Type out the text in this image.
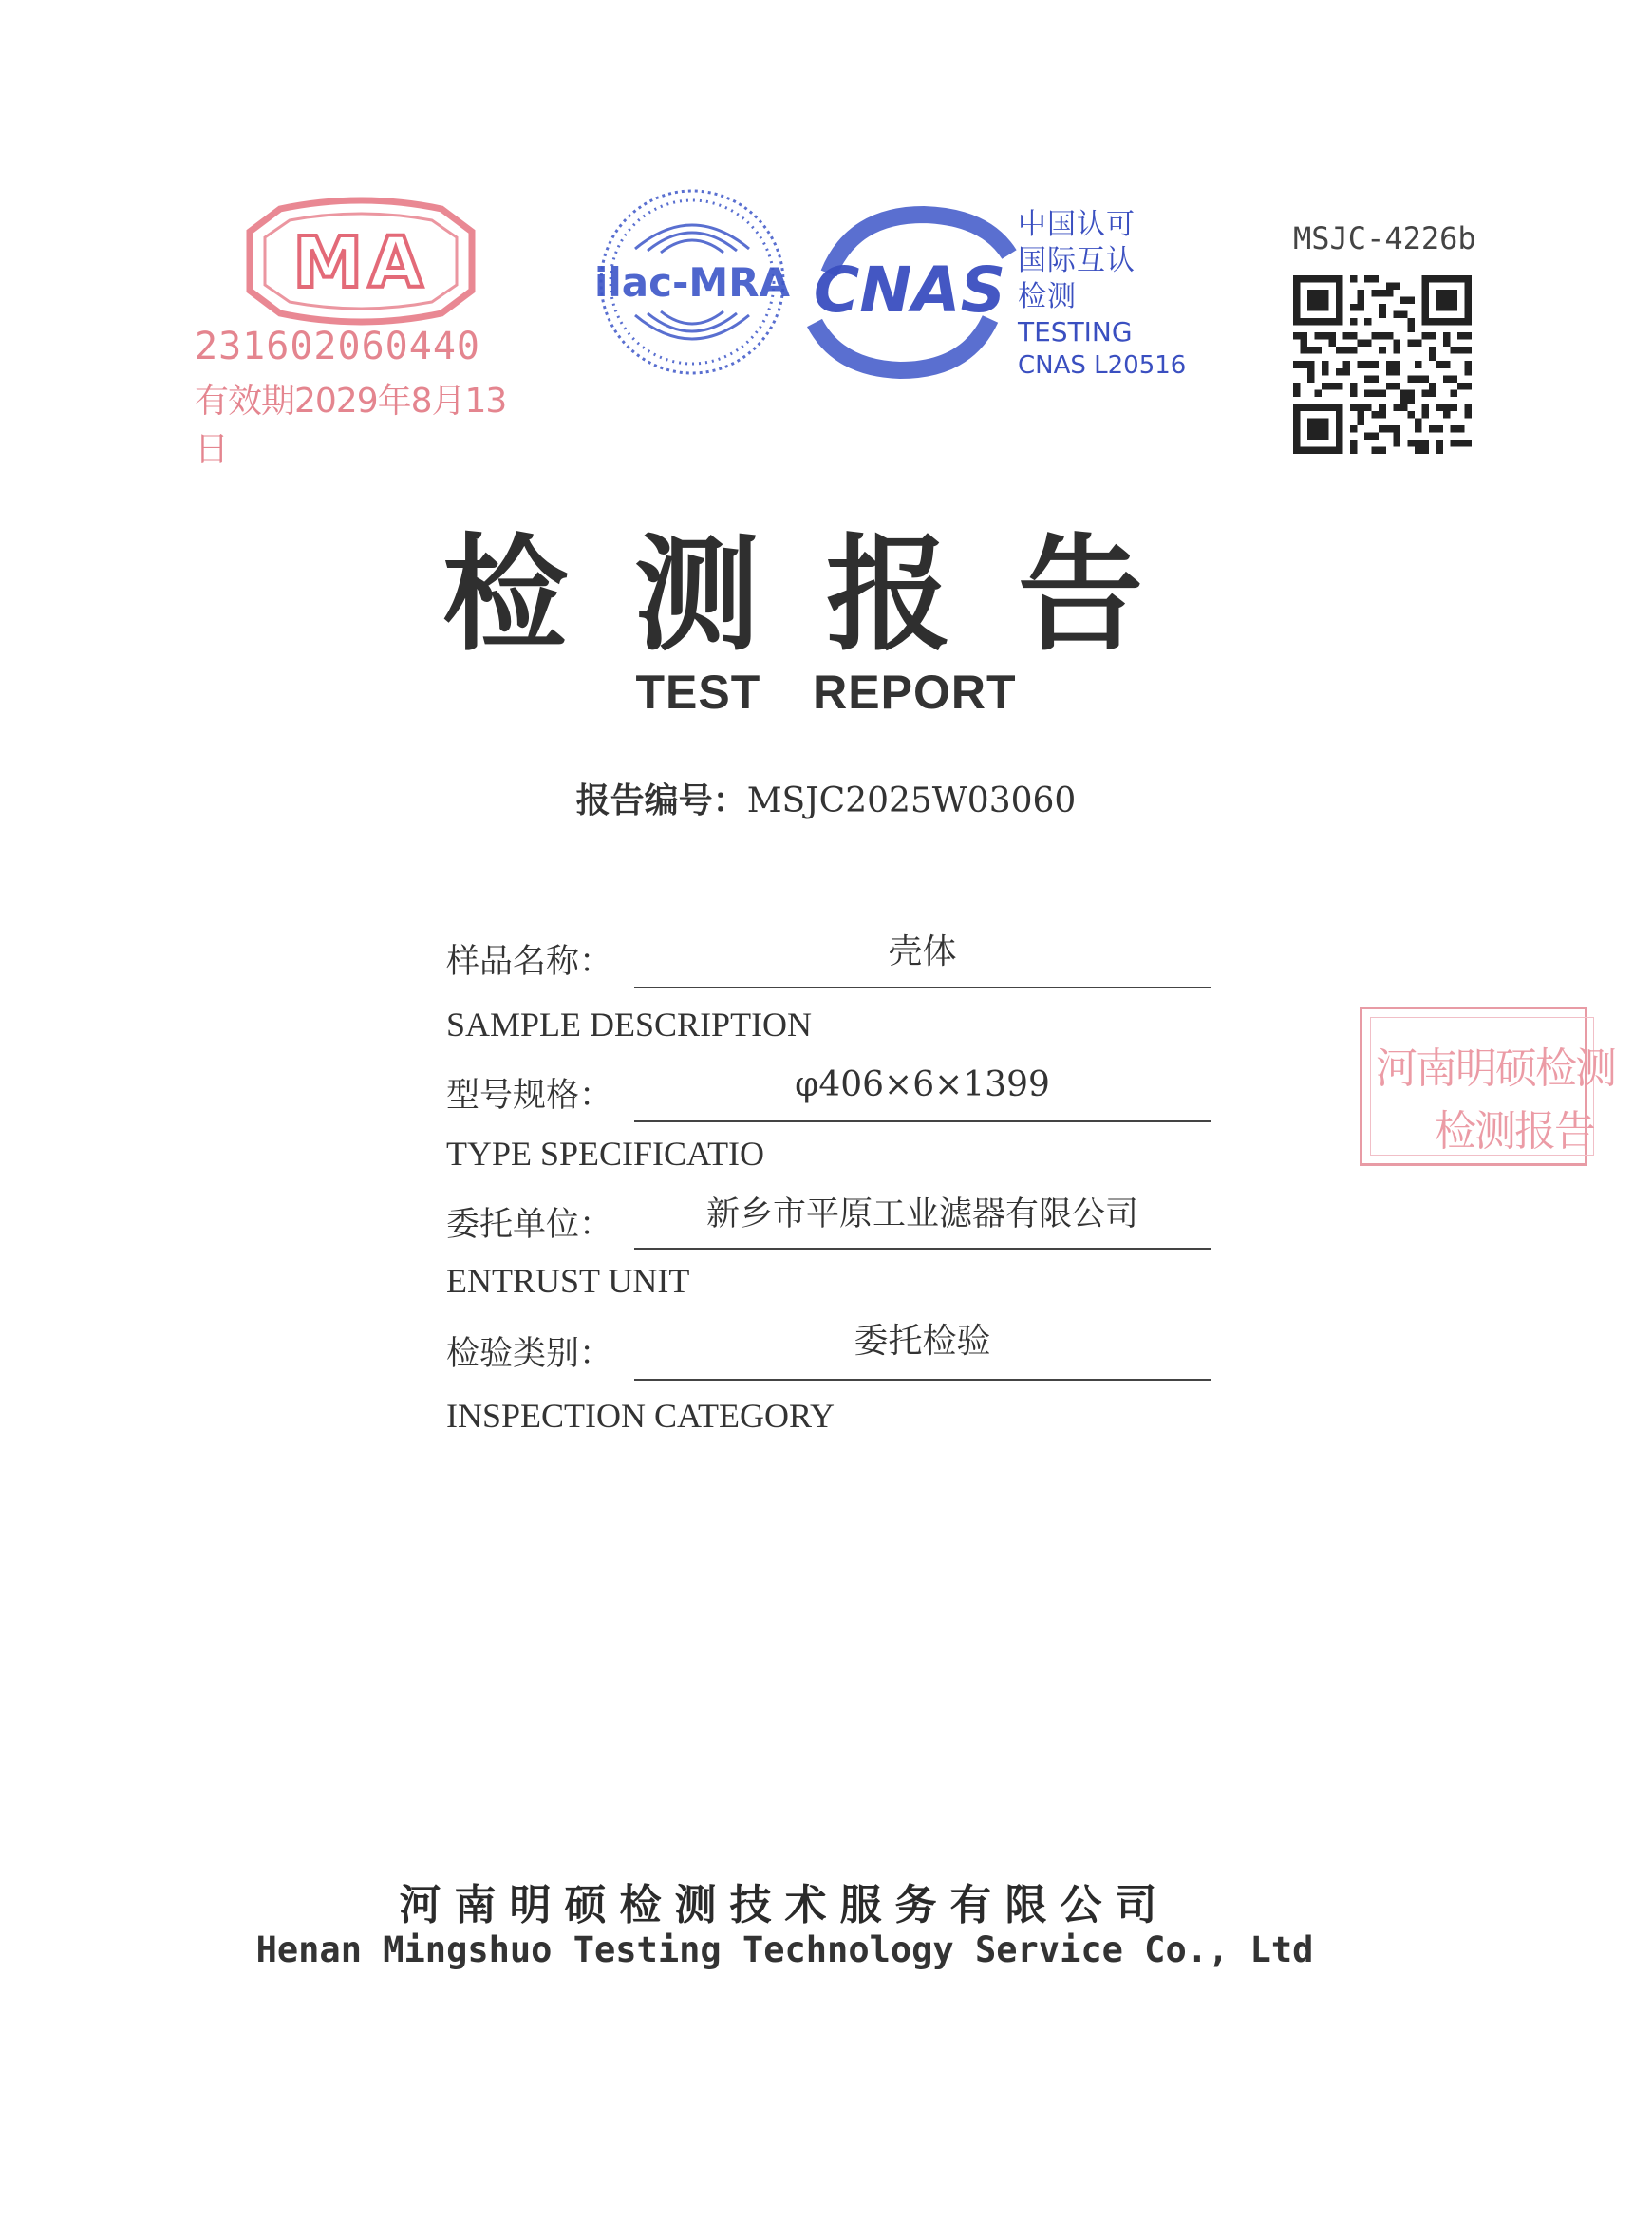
MA
231602060440
有效期2029年8月13日
ilac-MRA CNAS
中国认可
国际互认
检测
TESTING
CNAS L20516
MSJC-4226b
检测报告
TEST REPORT
报告编号：MSJC2025W03060
样品名称：	壳体
SAMPLE DESCRIPTION
型号规格：	φ406×6×1399
TYPE SPECIFICATIO
委托单位：	新乡市平原工业滤器有限公司
ENTRUST UNIT
检验类别：	委托检验
INSPECTION CATEGORY
河南明硕检测
检测报告
河南明硕检测技术服务有限公司
Henan Mingshuo Testing Technology Service Co., Ltd
